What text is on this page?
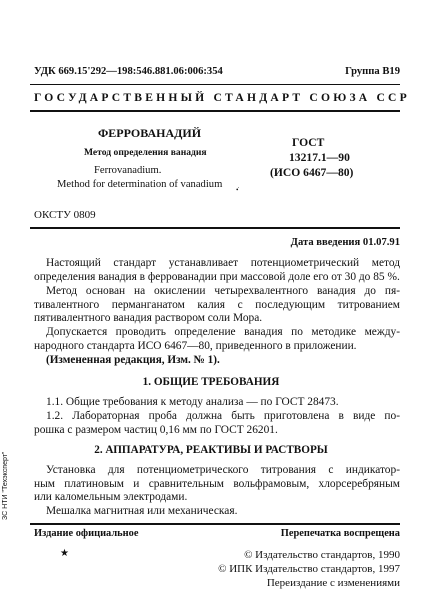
УДК 669.15'292—198:546.881.06:006:354	Группа В19
ГОСУДАРСТВЕННЫЙ СТАНДАРТ СОЮЗА ССР
ФЕРРОВАНАДИЙ
Метод определения ванадия
Ferrovanadium.
Method for determination of vanadium •̇
ГОСТ
13217.1—90
(ИСО 6467—80)
ОКСТУ 0809
Дата введения 01.07.91
Настоящий стандарт устанавливает потенциометрический метод
определения ванадия в феррованадии при массовой доле его от 30 до 85 %.
Метод основан на окислении четырехвалентного ванадия до пя-
тивалентного перманганатом калия с последующим титрованием
пятивалентного ванадия раствором соли Мора.
Допускается проводить определение ванадия по методике между-
народного стандарта ИСО 6467—80, приведенного в приложении.
(Измененная редакция, Изм. № 1).
1. ОБЩИЕ ТРЕБОВАНИЯ
1.1. Общие требования к методу анализа — по ГОСТ 28473.
1.2. Лабораторная проба должна быть приготовлена в виде по-
рошка с размером частиц 0,16 мм по ГОСТ 26201.
2. АППАРАТУРА, РЕАКТИВЫ И РАСТВОРЫ
Установка для потенциометрического титрования с индикатор-
ным платиновым и сравнительным вольфрамовым, хлорсеребряным
или каломельным электродами.
Мешалка магнитная или механическая.
Издание официальное	Перепечатка воспрещена
★	© Издательство стандартов, 1990
© ИПК Издательство стандартов, 1997
Переиздание с изменениями
ЗС НТИ "Техэксперт"
